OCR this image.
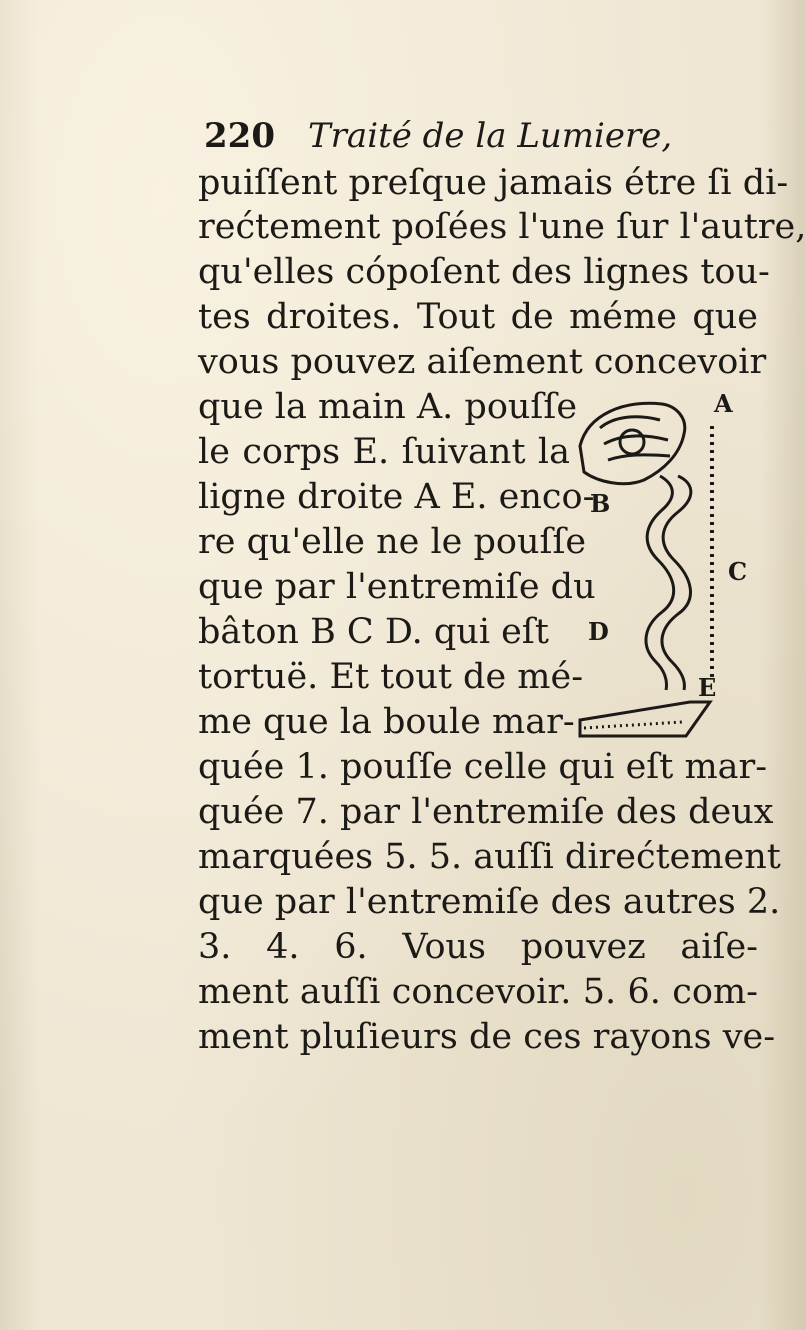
220 Traité de la Lumiere,
puiſſent preſque jamais étre ſi di-
rećtement poſées l'une ſur l'autre,
qu'elles cópoſent des lignes tou-
tes droites. Tout de méme que
vous pouvez aiſement concevoir
que la main A. pouſſe
le corps E. ſuivant la
ligne droite A E. enco-
re qu'elle ne le pouſſe
que par l'entremiſe du
bâton B C D. qui eſt
tortuë. Et tout de mé-
me que la boule mar-
quée 1. pouſſe celle qui eſt mar-
quée 7. par l'entremiſe des deux
marquées 5. 5. auſſi direćtement
que par l'entremiſe des autres 2.
3. 4. 6. Vous pouvez aiſe-
ment auſſi concevoir. 5. 6. com-
ment pluſieurs de ces rayons ve-
A
B
C
D
E
